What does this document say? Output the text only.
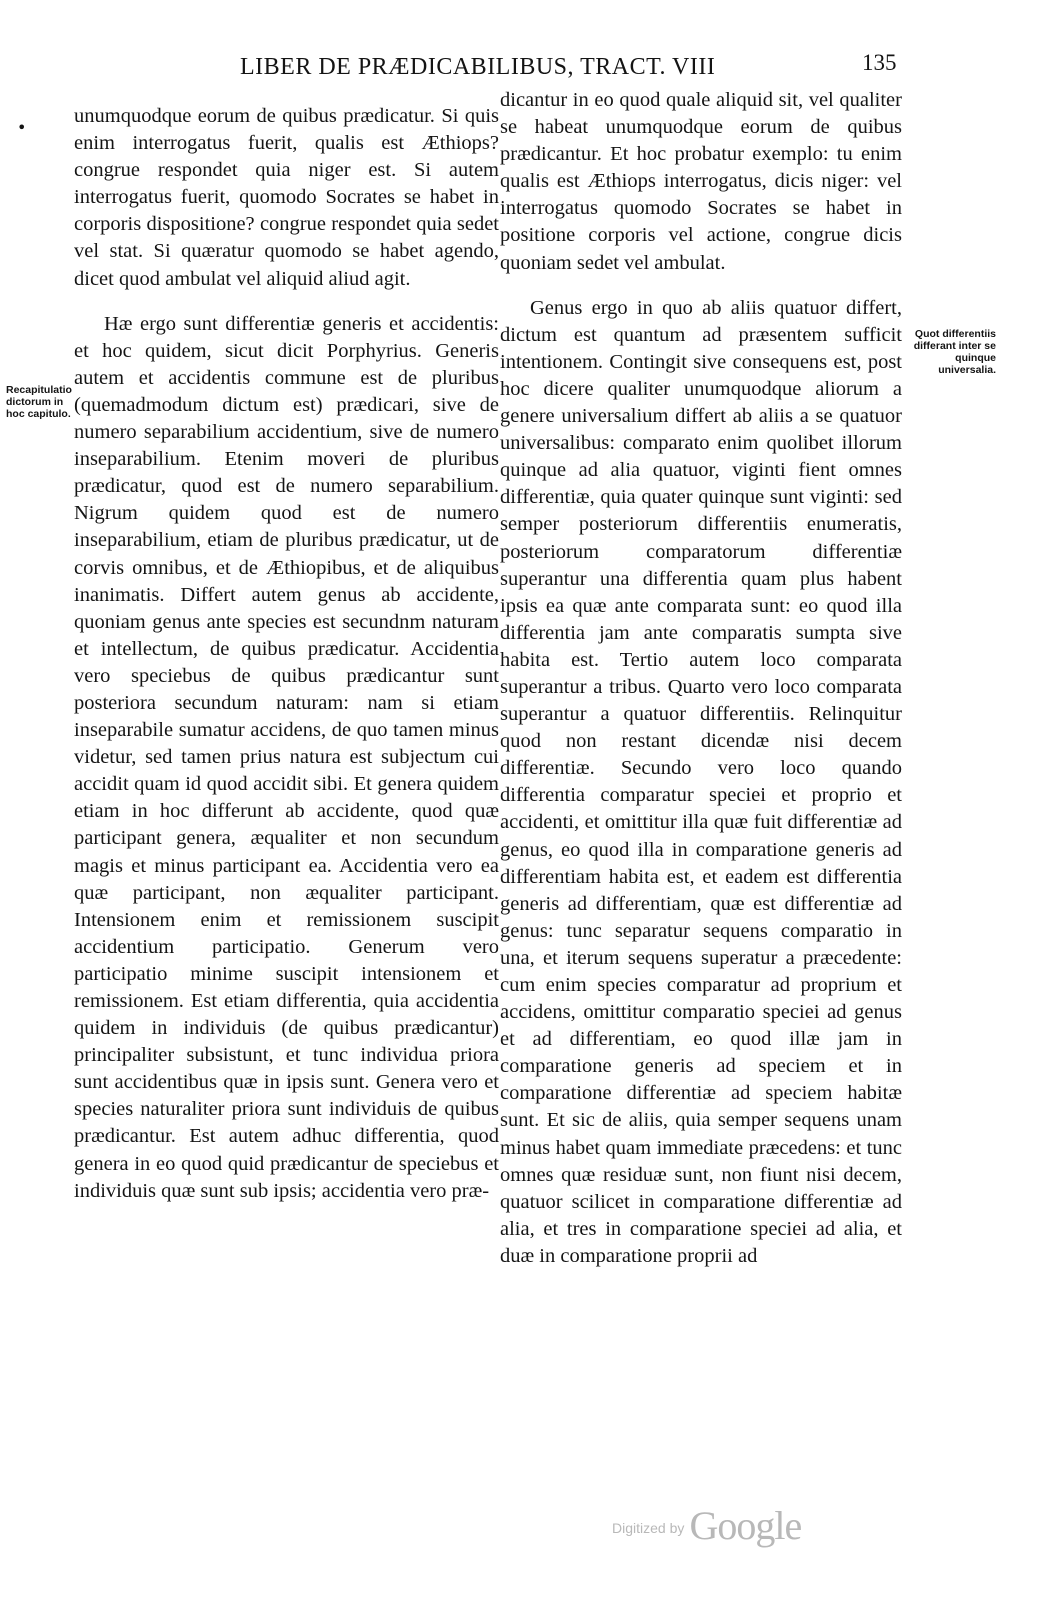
LIBER DE PRÆDICABILIBUS, TRACT. VIII	135
•

unumquodque eorum de quibus prædicatur. Si quis enim interrogatus fuerit, qualis est Æthiops? congrue respondet quia niger est. Si autem interrogatus fuerit, quomodo Socrates se habet in corporis dispositione? congrue respondet quia sedet vel stat. Si quæratur quomodo se habet agendo, dicet quod ambulat vel aliquid aliud agit.

Hæ ergo sunt differentiæ generis et accidentis: et hoc quidem, sicut dicit Porphyrius. Generis autem et accidentis commune est de pluribus (quemadmodum dictum est) prædicari, sive de numero separabilium accidentium, sive de numero inseparabilium. Etenim moveri de pluribus prædicatur, quod est de numero separabilium. Nigrum quidem quod est de numero inseparabilium, etiam de pluribus prædicatur, ut de corvis omnibus, et de Æthiopibus, et de aliquibus inanimatis. Differt autem genus ab accidente, quoniam genus ante species est secundnm naturam et intellectum, de quibus prædicatur. Accidentia vero speciebus de quibus prædicantur sunt posteriora secundum naturam: nam si etiam inseparabile sumatur accidens, de quo tamen minus videtur, sed tamen prius natura est subjectum cui accidit quam id quod accidit sibi. Et genera quidem etiam in hoc differunt ab accidente, quod quæ participant genera, æqualiter et non secundum magis et minus participant ea. Accidentia vero ea quæ participant, non æqualiter participant. Intensionem enim et remissionem suscipit accidentium participatio. Generum vero participatio minime suscipit intensionem et remissionem. Est etiam differentia, quia accidentia quidem in individuis (de quibus prædicantur) principaliter subsistunt, et tunc individua priora sunt accidentibus quæ in ipsis sunt. Genera vero et species naturaliter priora sunt individuis de quibus prædicantur. Est autem adhuc differentia, quod genera in eo quod quid prædicantur de speciebus et individuis quæ sunt sub ipsis; accidentia vero præ-

dicantur in eo quod quale aliquid sit, vel qualiter se habeat unumquodque eorum de quibus prædicantur. Et hoc probatur exemplo: tu enim qualis est Æthiops interrogatus, dicis niger: vel interrogatus quomodo Socrates se habet in positione corporis vel actione, congrue dicis quoniam sedet vel ambulat.

Genus ergo in quo ab aliis quatuor differt, dictum est quantum ad præsentem sufficit intentionem. Contingit sive consequens est, post hoc dicere qualiter unumquodque aliorum a genere universalium differt ab aliis a se quatuor universalibus: comparato enim quolibet illorum quinque ad alia quatuor, viginti fient omnes differentiæ, quia quater quinque sunt viginti: sed semper posteriorum differentiis enumeratis, posteriorum comparatorum differentiæ superantur una differentia quam plus habent ipsis ea quæ ante comparata sunt: eo quod illa differentia jam ante comparatis sumpta sive habita est. Tertio autem loco comparata superantur a tribus. Quarto vero loco comparata superantur a quatuor differentiis. Relinquitur quod non restant dicendæ nisi decem differentiæ. Secundo vero loco quando differentia comparatur speciei et proprio et accidenti, et omittitur illa quæ fuit differentiæ ad genus, eo quod illa in comparatione generis ad differentiam habita est, et eadem est differentia generis ad differentiam, quæ est differentiæ ad genus: tunc separatur sequens comparatio in una, et iterum sequens superatur a præcedente: cum enim species comparatur ad proprium et accidens, omittitur comparatio speciei ad genus et ad differentiam, eo quod illæ jam in comparatione generis ad speciem et in comparatione differentiæ ad speciem habitæ sunt. Et sic de aliis, quia semper sequens unam minus habet quam immediate præcedens: et tunc omnes quæ residuæ sunt, non fiunt nisi decem, quatuor scilicet in comparatione differentiæ ad alia, et tres in comparatione speciei ad alia, et duæ in comparatione proprii ad

Recapitulatio dictorum in hoc capitulo.
Quot differentiis differant inter se quinque universalia.
Digitized by Google
